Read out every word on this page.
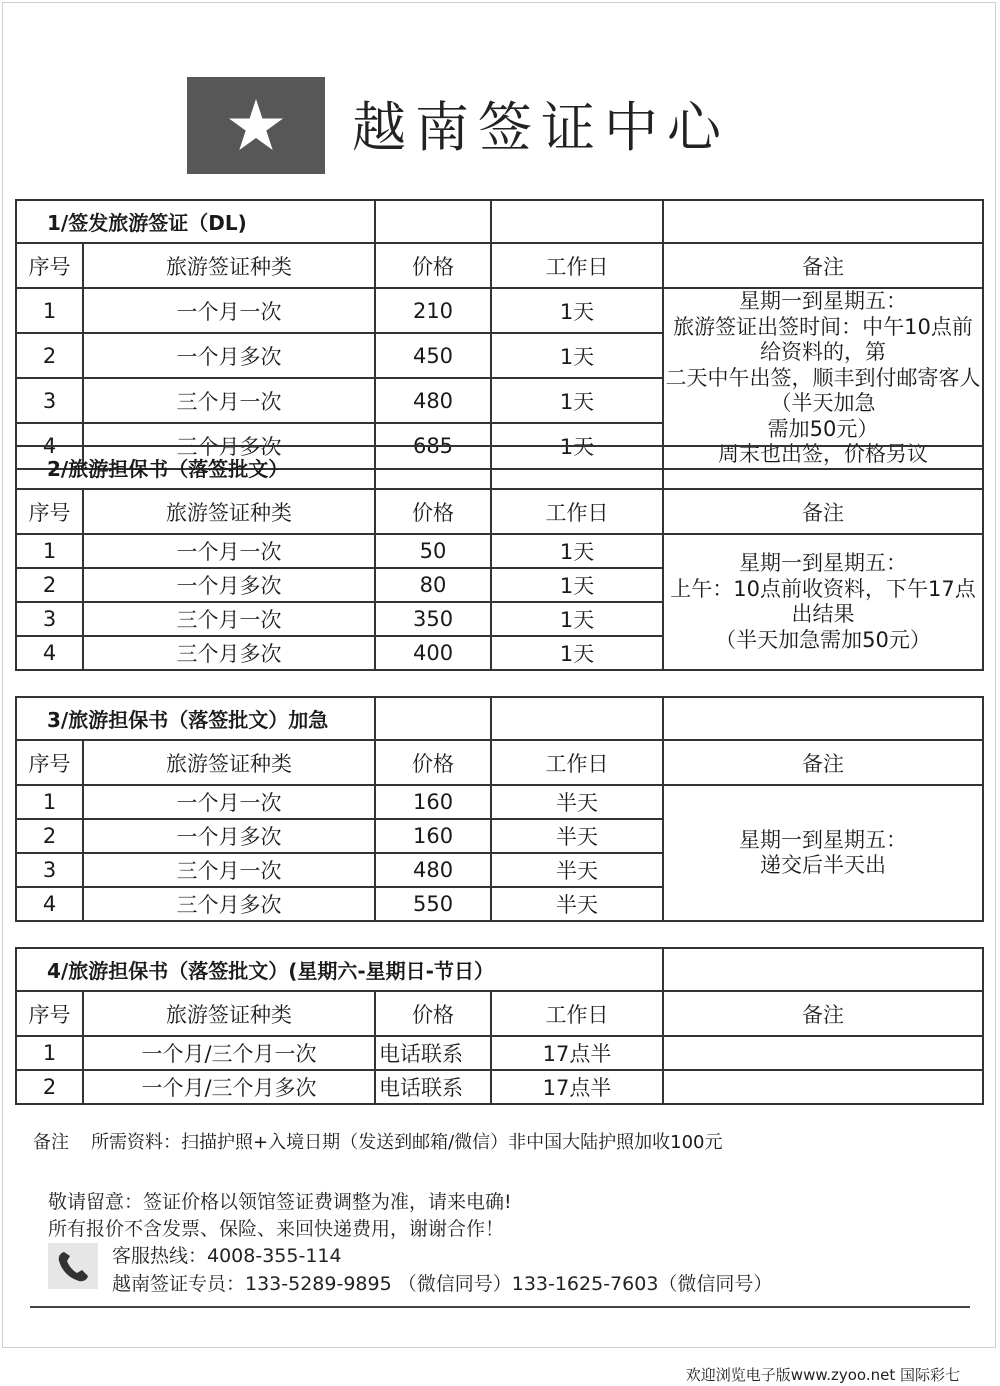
越南签证中心
1/签发旅游签证（DL)				
序号	旅游签证种类	价格	工作日	备注
1	一个月一次	210	1天	星期一到星期五：
旅游签证出签时间：中午10点前给资料的，第
二天中午出签，顺丰到付邮寄客人（半天加急
需加50元）
周末也出签，价格另议

2	一个月多次	450	1天	
3	三个月一次	480	1天	
4	三个月多次	685	1天	
2/旅游担保书（落签批文）				
序号	旅游签证种类	价格	工作日	备注
1	一个月一次	50	1天	星期一到星期五：
上午：10点前收资料，下午17点出结果
（半天加急需加50元）

2	一个月多次	80	1天	
3	三个月一次	350	1天	
4	三个月多次	400	1天	
3/旅游担保书（落签批文）加急				
序号	旅游签证种类	价格	工作日	备注
1	一个月一次	160	半天	星期一到星期五：
递交后半天出

2	一个月多次	160	半天	
3	三个月一次	480	半天	
4	三个月多次	550	半天	
4/旅游担保书（落签批文）(星期六-星期日-节日）				
序号	旅游签证种类	价格	工作日	备注
1	一个月/三个月一次	电话联系	17点半	
2	一个月/三个月多次	电话联系	17点半	
备注 所需资料：扫描护照+入境日期（发送到邮箱/微信）非中国大陆护照加收100元
敬请留意：签证价格以领馆签证费调整为准，请来电确!
所有报价不含发票、保险、来回快递费用，谢谢合作！
客服热线：4008-355-114
越南签证专员：133-5289-9895 （微信同号）133-1625-7603（微信同号）
欢迎浏览电子版www.zyoo.net 国际彩七
